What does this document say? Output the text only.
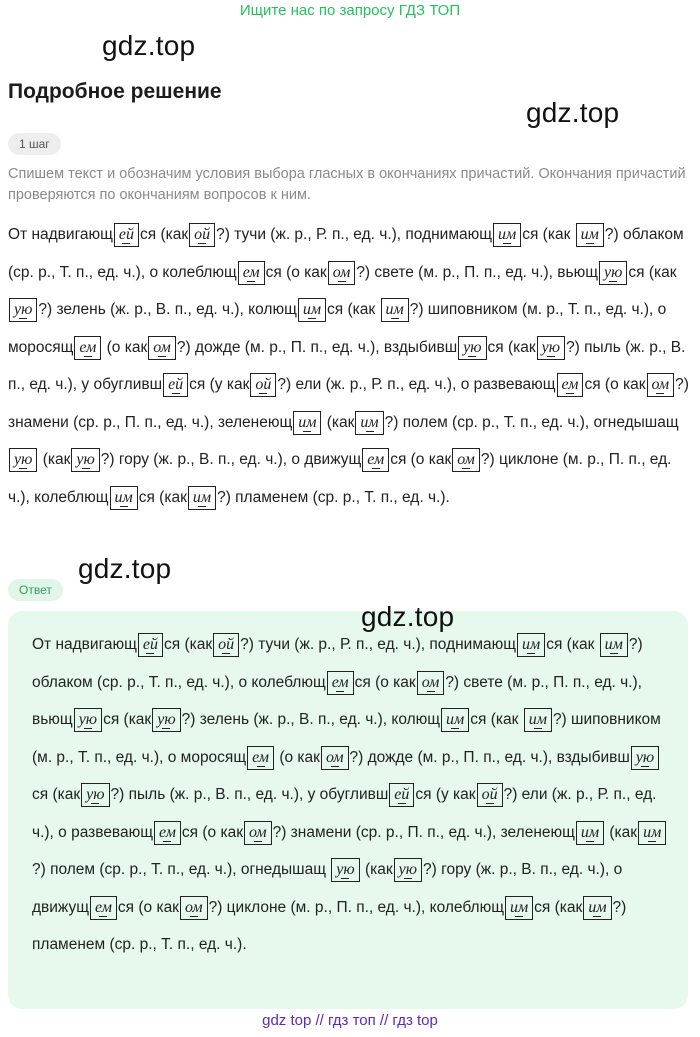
Ищите нас по запросу ГДЗ ТОП
gdz.top
Подробное решение
gdz.top
1 шаг
Спишем текст и обозначим условия выбора гласных в окончаниях причастий. Окончания причастий проверяются по окончаниям вопросов к ним.
От надвигающ ей ся (как ой ?) тучи (ж. р., Р. п., ед. ч.), поднимающ им ся (как им ?) облаком (ср. р., Т. п., ед. ч.), о колеблющ ем ся (о как ом ?) свете (м. р., П. п., ед. ч.), вьющ ую ся (какую ?) зелень (ж. р., В. п., ед. ч.), колющ им ся (как им ?) шиповником (м. р., Т. п., ед. ч.), о моросящ ем (о как ом ?) дожде (м. р., П. п., ед. ч.), вздыбивш ую ся (как ую ?) пыль (ж. р., В. п., ед. ч.), у обугливш ей ся (у как ой ?) ели (ж. р., Р. п., ед. ч.), о развевающ ем ся (о как ом ?) знамени (ср. р., П. п., ед. ч.), зеленеющ им (как им ?) полем (ср. р., Т. п., ед. ч.), огнедышащ ую (как ую ?) гору (ж. р., В. п., ед. ч.), о движущ ем ся (о как ом ?) циклоне (м. р., П. п., ед. ч.), колеблющ им ся (как им ?) пламенем (ср. р., Т. п., ед. ч.).
gdz.top
Ответ
От надвигающ ей ся (как ой ?) тучи (ж. р., Р. п., ед. ч.), поднимающ им ся (как им ?) облаком (ср. р., Т. п., ед. ч.), о колеблющ ем ся (о как ом ?) свете (м. р., П. п., ед. ч.), вьющ ую ся (как ую ?) зелень (ж. р., В. п., ед. ч.), колющ им ся (как им ?) шиповником (м. р., Т. п., ед. ч.), о моросящ ем (о как ом ?) дожде (м. р., П. п., ед. ч.), вздыбивш уюся (как ую ?) пыль (ж. р., В. п., ед. ч.), у обугливш ей ся (у как ой ?) ели (ж. р., Р. п., ед. ч.), о развевающ ем ся (о как ом ?) знамени (ср. р., П. п., ед. ч.), зеленеющ им (как им?) полем (ср. р., Т. п., ед. ч.), огнедышащ ую (как ую ?) гору (ж. р., В. п., ед. ч.), о движущ ем ся (о как ом ?) циклоне (м. р., П. п., ед. ч.), колеблющ им ся (как им ?) пламенем (ср. р., Т. п., ед. ч.).
gdz.top
gdz top // гдз топ // гдз top
